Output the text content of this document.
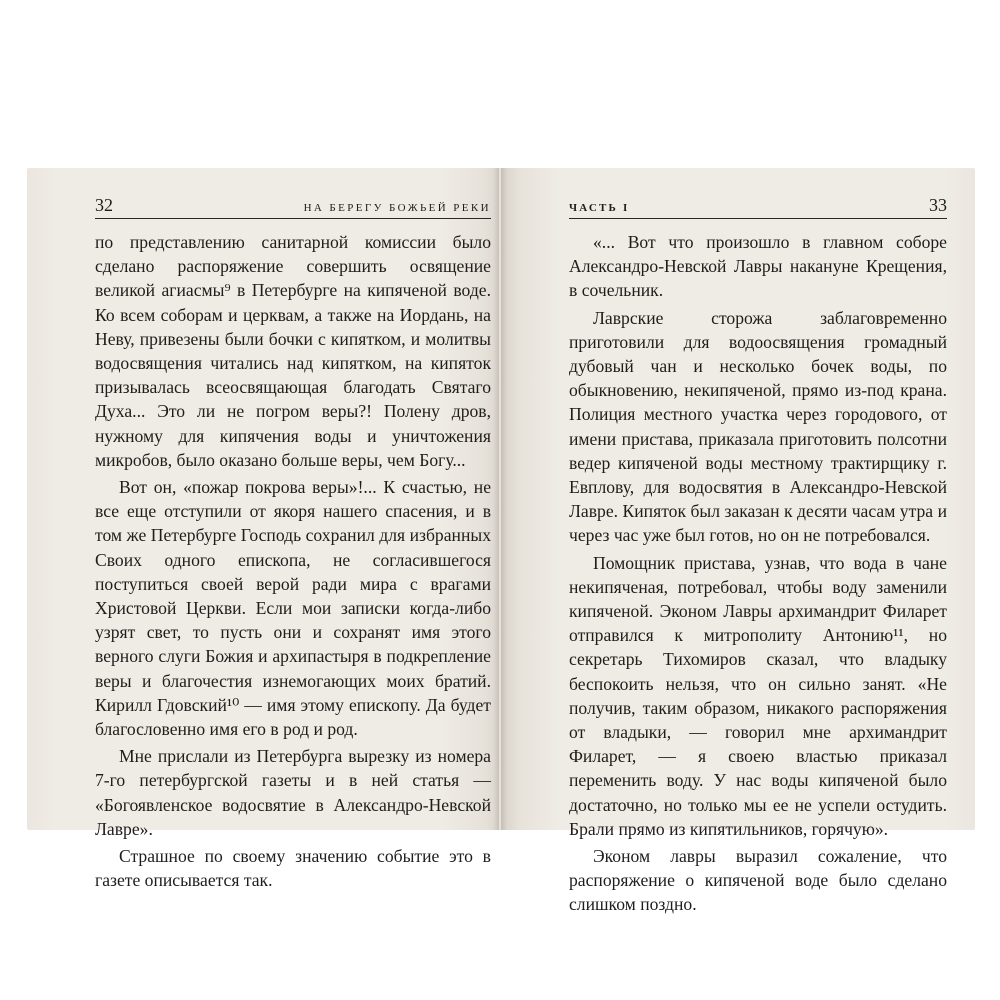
32	НА БЕРЕГУ БОЖЬЕЙ РЕКИ

по представлению санитарной комиссии было сделано распоряжение совершить освящение великой агиасмы⁹ в Петербурге на кипяченой воде. Ко всем соборам и церквам, а также на Иордань, на Неву, привезены были бочки с кипятком, и молитвы водосвящения читались над кипятком, на кипяток призывалась всеосвящающая благодать Святаго Духа... Это ли не погром веры?! Полену дров, нужному для кипячения воды и уничтожения микробов, было оказано больше веры, чем Богу...

Вот он, «пожар покрова веры»!... К счастью, не все еще отступили от якоря нашего спасения, и в том же Петербурге Господь сохранил для избранных Своих одного епископа, не согласившегося поступиться своей верой ради мира с врагами Христовой Церкви. Если мои записки когда-либо узрят свет, то пусть они и сохранят имя этого верного слуги Божия и архипастыря в подкрепление веры и благочестия изнемогающих моих братий. Кирилл Гдовский¹⁰ — имя этому епископу. Да будет благословенно имя его в род и род.

Мне прислали из Петербурга вырезку из номера 7-го петербургской газеты и в ней статья — «Богоявленское водосвятие в Александро-Невской Лавре».

Страшное по своему значению событие это в газете описывается так.

ЧАСТЬ I	33

«... Вот что произошло в главном соборе Александро-Невской Лавры накануне Крещения, в сочельник.

Лаврские сторожа заблаговременно приготовили для водоосвящения громадный дубовый чан и несколько бочек воды, по обыкновению, некипяченой, прямо из-под крана. Полиция местного участка через городового, от имени пристава, приказала приготовить полсотни ведер кипяченой воды местному трактирщику г. Евплову, для водосвятия в Александро-Невской Лавре. Кипяток был заказан к десяти часам утра и через час уже был готов, но он не потребовался.

Помощник пристава, узнав, что вода в чане некипяченая, потребовал, чтобы воду заменили кипяченой. Эконом Лавры архимандрит Филарет отправился к митрополиту Антонию¹¹, но секретарь Тихомиров сказал, что владыку беспокоить нельзя, что он сильно занят. «Не получив, таким образом, никакого распоряжения от владыки, — говорил мне архимандрит Филарет, — я своею властью приказал переменить воду. У нас воды кипяченой было достаточно, но только мы ее не успели остудить. Брали прямо из кипятильников, горячую».

Эконом лавры выразил сожаление, что распоряжение о кипяченой воде было сделано слишком поздно.
